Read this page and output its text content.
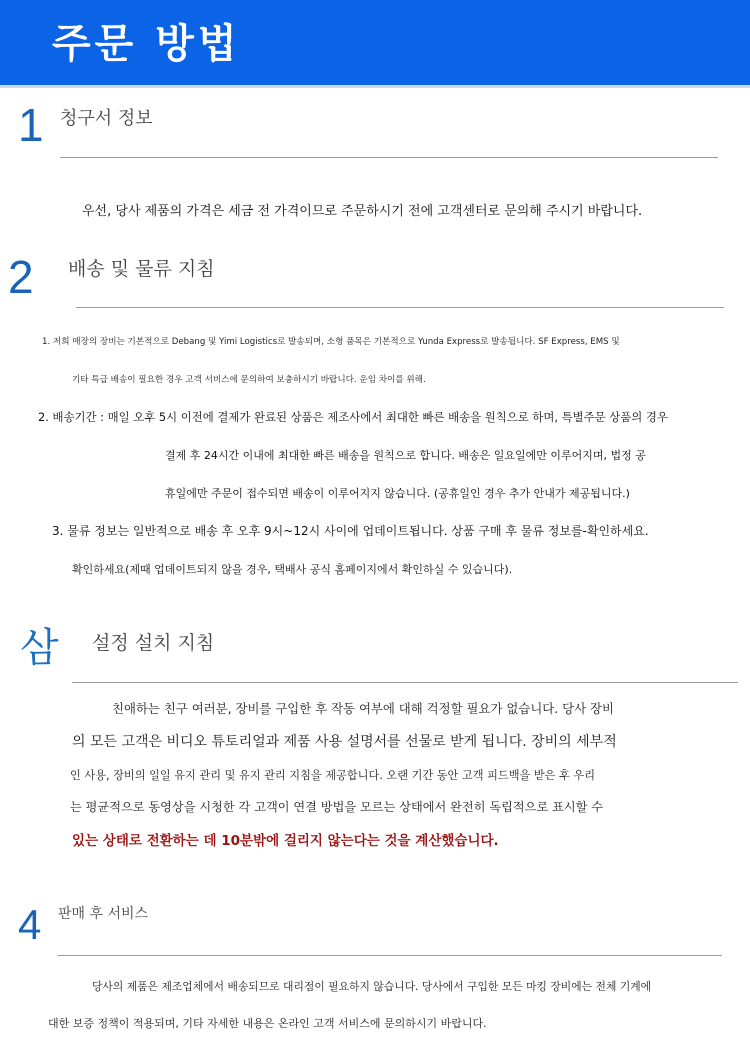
주문 방법
1 청구서 정보
우선, 당사 제품의 가격은 세금 전 가격이므로 주문하시기 전에 고객센터로 문의해 주시기 바랍니다.
2 배송 및 물류 지침
1. 저희 매장의 장비는 기본적으로 Debang 및 Yimi Logistics로 발송되며, 소형 품목은 기본적으로 Yunda Express로 발송됩니다. SF Express, EMS 및
기타 특급 배송이 필요한 경우 고객 서비스에 문의하여 보충하시기 바랍니다. 운임 차이를 위해.
2. 배송기간 : 매일 오후 5시 이전에 결제가 완료된 상품은 제조사에서 최대한 빠른 배송을 원칙으로 하며, 특별주문 상품의 경우
결제 후 24시간 이내에 최대한 빠른 배송을 원칙으로 합니다. 배송은 일요일에만 이루어지며, 법정 공
휴일에만 주문이 접수되면 배송이 이루어지지 않습니다. (공휴일인 경우 추가 안내가 제공됩니다.)
3. 물류 정보는 일반적으로 배송 후 오후 9시~12시 사이에 업데이트됩니다. 상품 구매 후 물류 정보를-확인하세요.
확인하세요(제때 업데이트되지 않을 경우, 택배사 공식 홈페이지에서 확인하실 수 있습니다).
삼 설정 설치 지침
친애하는 친구 여러분, 장비를 구입한 후 작동 여부에 대해 걱정할 필요가 없습니다. 당사 장비
의 모든 고객은 비디오 튜토리얼과 제품 사용 설명서를 선물로 받게 됩니다. 장비의 세부적
인 사용, 장비의 일일 유지 관리 및 유지 관리 지침을 제공합니다. 오랜 기간 동안 고객 피드백을 받은 후 우리
는 평균적으로 동영상을 시청한 각 고객이 연결 방법을 모르는 상태에서 완전히 독립적으로 표시할 수
있는 상태로 전환하는 데 10분밖에 걸리지 않는다는 것을 계산했습니다.
4 판매 후 서비스
당사의 제품은 제조업체에서 배송되므로 대리점이 필요하지 않습니다. 당사에서 구입한 모든 마킹 장비에는 전체 기계에
대한 보증 정책이 적용되며, 기타 자세한 내용은 온라인 고객 서비스에 문의하시기 바랍니다.
